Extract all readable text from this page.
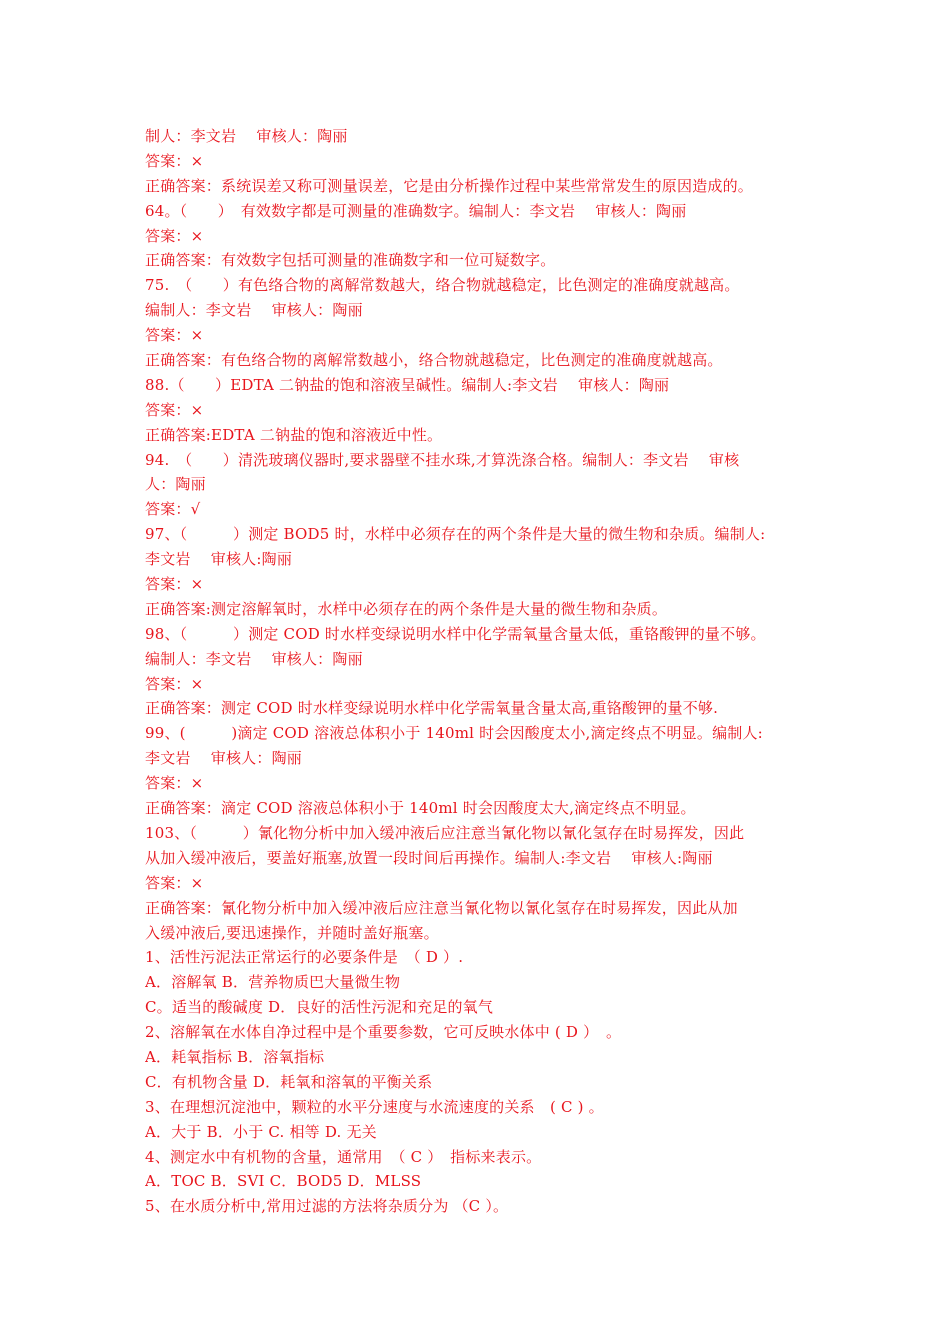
制人：李文岩　 审核人：陶丽
答案：×
正确答案：系统误差又称可测量误差，它是由分析操作过程中某些常常发生的原因造成的。
64。（　　）　有效数字都是可测量的准确数字。编制人：李文岩　 审核人：陶丽
答案：×
正确答案：有效数字包括可测量的准确数字和一位可疑数字。
75.　（　　）有色络合物的离解常数越大，络合物就越稳定，比色测定的准确度就越高。
编制人：李文岩　 审核人：陶丽
答案：×
正确答案：有色络合物的离解常数越小，络合物就越稳定，比色测定的准确度就越高。
88.（　　）EDTA 二钠盐的饱和溶液呈碱性。编制人:李文岩　 审核人：陶丽
答案：×
正确答案:EDTA 二钠盐的饱和溶液近中性。
94.　（　　）清洗玻璃仪器时,要求器壁不挂水珠,才算洗涤合格。编制人：李文岩　 审核
人：陶丽
答案：√
97、（　　　）测定 BOD5 时，水样中必须存在的两个条件是大量的微生物和杂质。编制人:
李文岩　 审核人:陶丽
答案：×
正确答案:测定溶解氧时，水样中必须存在的两个条件是大量的微生物和杂质。
98、（　　　）测定 COD 时水样变绿说明水样中化学需氧量含量太低，重铬酸钾的量不够。
编制人：李文岩　 审核人：陶丽
答案：×
正确答案：测定 COD 时水样变绿说明水样中化学需氧量含量太高,重铬酸钾的量不够.
99、(　　　)滴定 COD 溶液总体积小于 140ml 时会因酸度太小,滴定终点不明显。编制人:
李文岩　 审核人：陶丽
答案：×
正确答案：滴定 COD 溶液总体积小于 140ml 时会因酸度太大,滴定终点不明显。
103、（　　　）氰化物分析中加入缓冲液后应注意当氰化物以氰化氢存在时易挥发，因此
从加入缓冲液后，要盖好瓶塞,放置一段时间后再操作。编制人:李文岩　 审核人:陶丽
答案：×
正确答案：氰化物分析中加入缓冲液后应注意当氰化物以氰化氢存在时易挥发，因此从加
入缓冲液后,要迅速操作，并随时盖好瓶塞。
1、活性污泥法正常运行的必要条件是　（ D ）.
A．溶解氧 B．营养物质巴大量微生物
C。适当的酸碱度 D．良好的活性污泥和充足的氧气
2、溶解氧在水体自净过程中是个重要参数，它可反映水体中 ( D ）　。
A．耗氧指标 B．溶氧指标
C．有机物含量 D．耗氧和溶氧的平衡关系
3、在理想沉淀池中，颗粒的水平分速度与水流速度的关系　( C ) 。
A．大于 B．小于 C. 相等 D. 无关
4、测定水中有机物的含量，通常用　（ C ）　指标来表示。
A．TOC B．SVI C．BOD5 D．MLSS
5、在水质分析中,常用过滤的方法将杂质分为 （C ）。
